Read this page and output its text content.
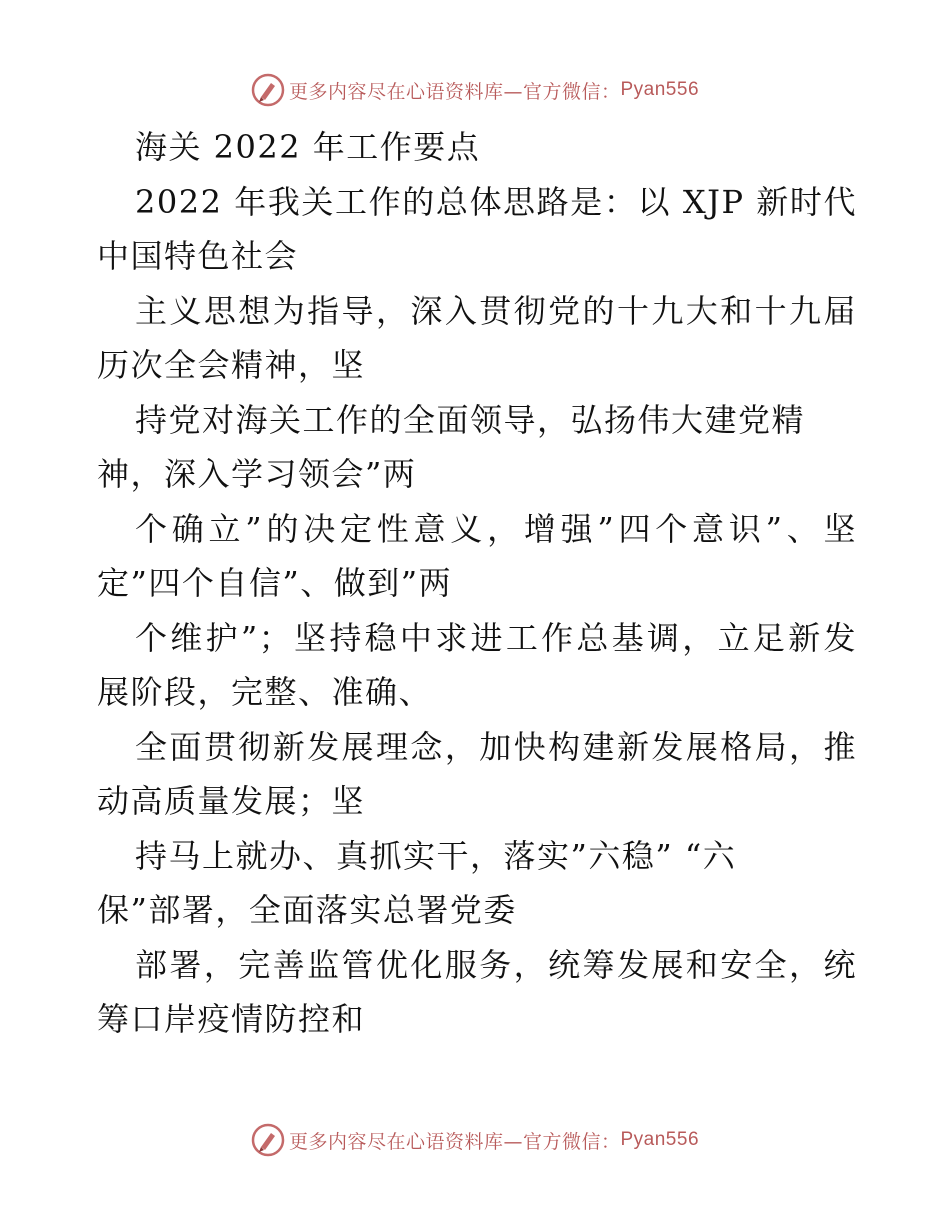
更多内容尽在心语资料库—官方微信： Pyan556
海关 2022 年工作要点
2022 年我关工作的总体思路是：以 XJP 新时代
中国特色社会
主义思想为指导，深入贯彻党的十九大和十九届
历次全会精神，坚
持党对海关工作的全面领导，弘扬伟大建党精
神，深入学习领会”两
个确立”的决定性意义，增强”四个意识”、坚
定”四个自信”、做到”两
个维护”；坚持稳中求进工作总基调，立足新发
展阶段，完整、准确、
全面贯彻新发展理念，加快构建新发展格局，推
动高质量发展；坚
持马上就办、真抓实干，落实”六稳” “六
保”部署，全面落实总署党委
部署，完善监管优化服务，统筹发展和安全，统
筹口岸疫情防控和
更多内容尽在心语资料库—官方微信： Pyan556
